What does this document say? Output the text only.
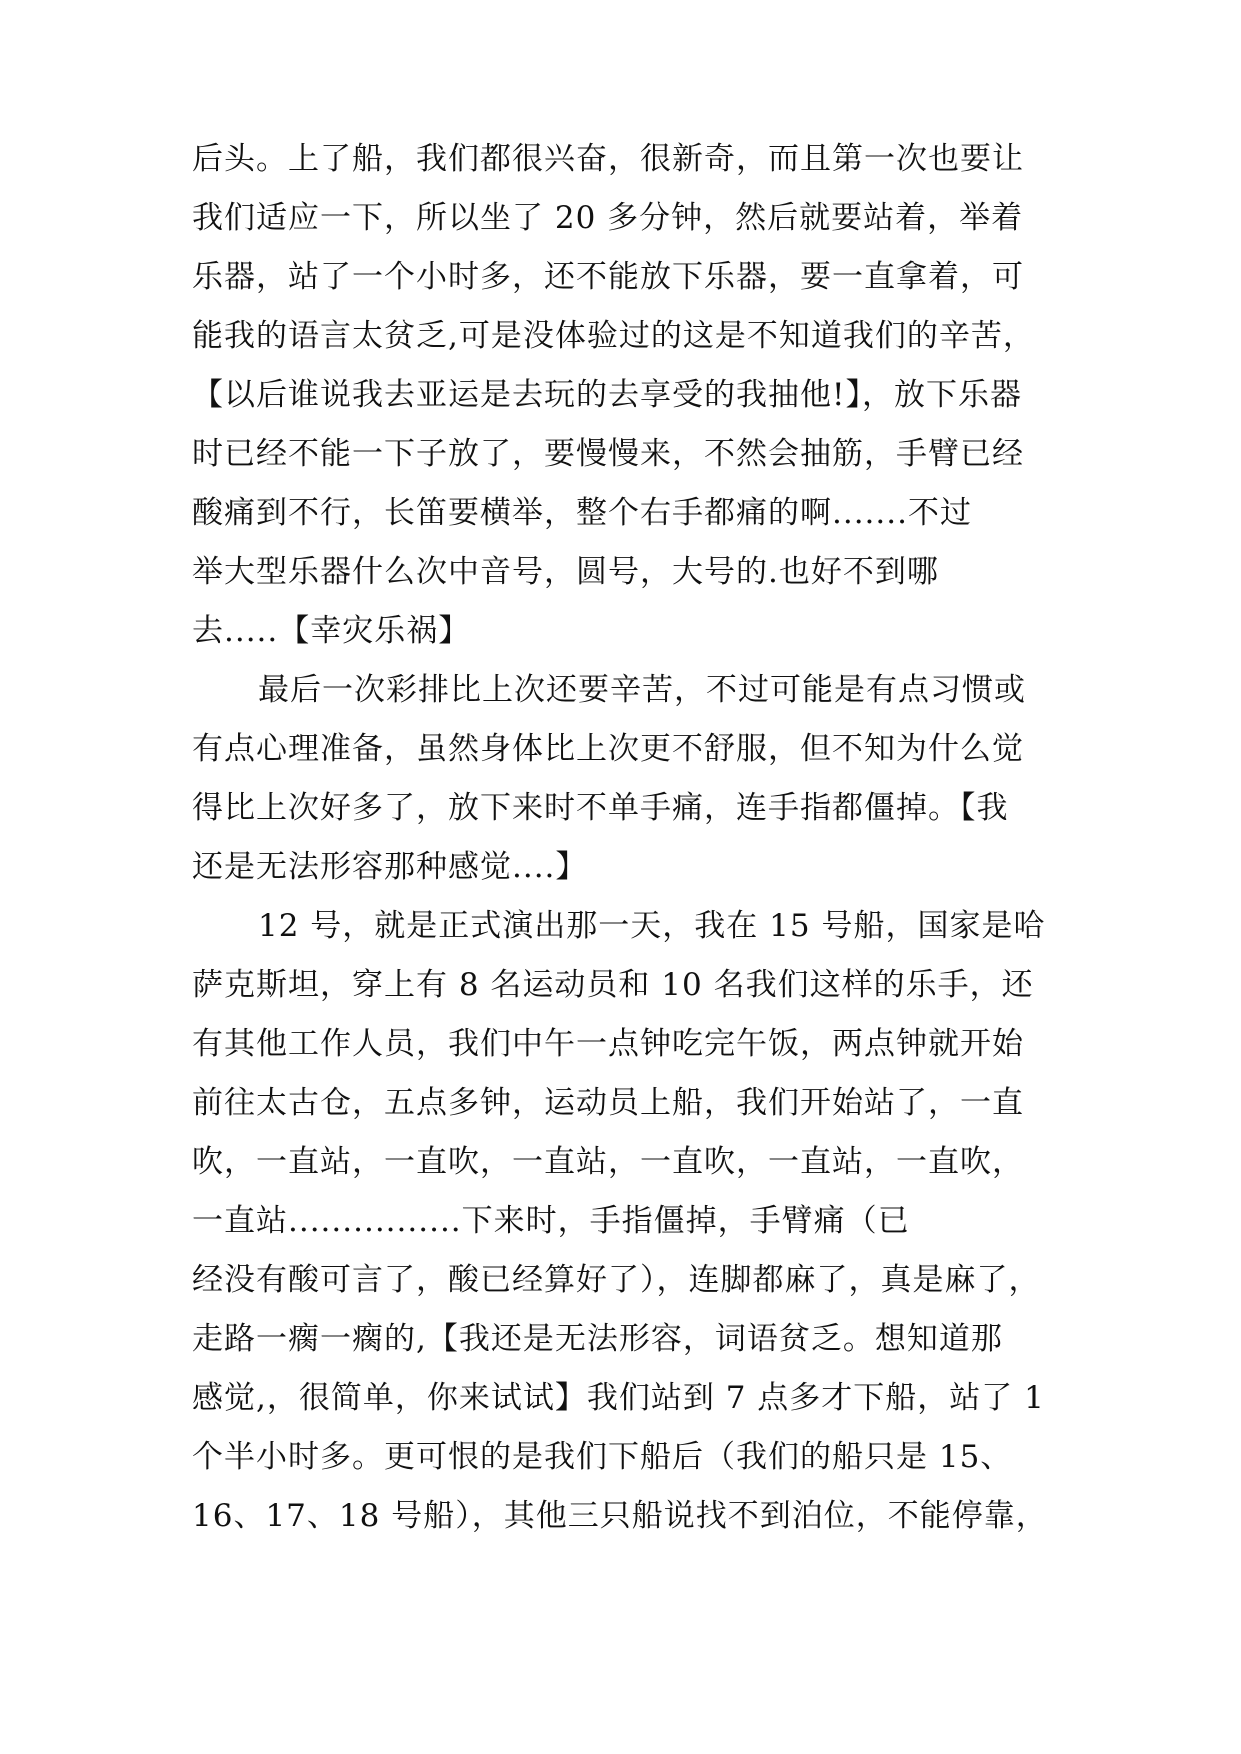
后头。上了船，我们都很兴奋，很新奇，而且第一次也要让
我们适应一下，所以坐了 20 多分钟，然后就要站着，举着
乐器，站了一个小时多，还不能放下乐器，要一直拿着，可
能我的语言太贫乏,可是没体验过的这是不知道我们的辛苦，
【以后谁说我去亚运是去玩的去享受的我抽他!】，放下乐器
时已经不能一下子放了，要慢慢来，不然会抽筋，手臂已经
酸痛到不行，长笛要横举，整个右手都痛的啊.......不过
举大型乐器什么次中音号，圆号，大号的.也好不到哪
去.....【幸灾乐祸】
最后一次彩排比上次还要辛苦，不过可能是有点习惯或
有点心理准备，虽然身体比上次更不舒服，但不知为什么觉
得比上次好多了，放下来时不单手痛，连手指都僵掉。【我
还是无法形容那种感觉....】
12 号，就是正式演出那一天，我在 15 号船，国家是哈
萨克斯坦，穿上有 8 名运动员和 10 名我们这样的乐手，还
有其他工作人员，我们中午一点钟吃完午饭，两点钟就开始
前往太古仓，五点多钟，运动员上船，我们开始站了，一直
吹，一直站，一直吹，一直站，一直吹，一直站，一直吹，
一直站................下来时，手指僵掉，手臂痛（已
经没有酸可言了，酸已经算好了），连脚都麻了，真是麻了，
走路一瘸一瘸的,【我还是无法形容，词语贫乏。想知道那
感觉,，很简单，你来试试】我们站到 7 点多才下船，站了 1
个半小时多。更可恨的是我们下船后（我们的船只是 15、
16、17、18 号船），其他三只船说找不到泊位，不能停靠，
